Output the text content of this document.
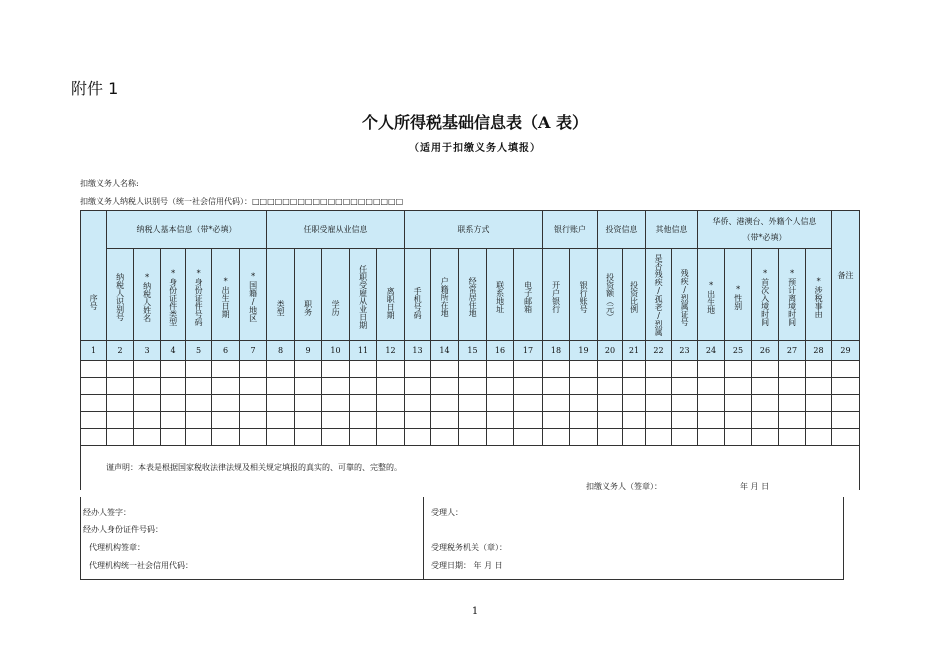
附件 1
个人所得税基础信息表（A 表）
（适用于扣缴义务人填报）
扣缴义务人名称:
扣缴义务人纳税人识别号（统一社会信用代码）：□□□□□□□□□□□□□□□□□□□□
序号	纳税人基本信息（带*必填）						任职受雇从业信息					联系方式					银行账户		投资信息		其他信息		华侨、港澳台、外籍个人信息
（带*必填）					备注
	纳税人识别号	*纳税人姓名	*身份证件类型	*身份证件号码	*出生日期	*国籍/地区	类型	职务	学历	任职受雇从业日期	离职日期	手机号码	户籍所在地	经常居住地	联系地址	电子邮箱	开户银行	银行账号	投资额（元）	投资比例	是否残疾/孤老/烈属	残疾/烈属证号	*出生地	*性别	*首次入境时间	*预计离境时间	*涉税事由	
1	2	3	4	5	6	7	8	9	10	11	12	13	14	15	16	17	18	19	20	21	22	23	24	25	26	27	28	29

谨声明：本表是根据国家税收法律法规及相关规定填报的真实的、可靠的、完整的。
扣缴义务人（签章）：	年 月 日
经办人签字：
经办人身份证件号码：
代理机构签章：
代理机构统一社会信用代码：
受理人：
受理税务机关（章）：
受理日期： 年 月 日
1
